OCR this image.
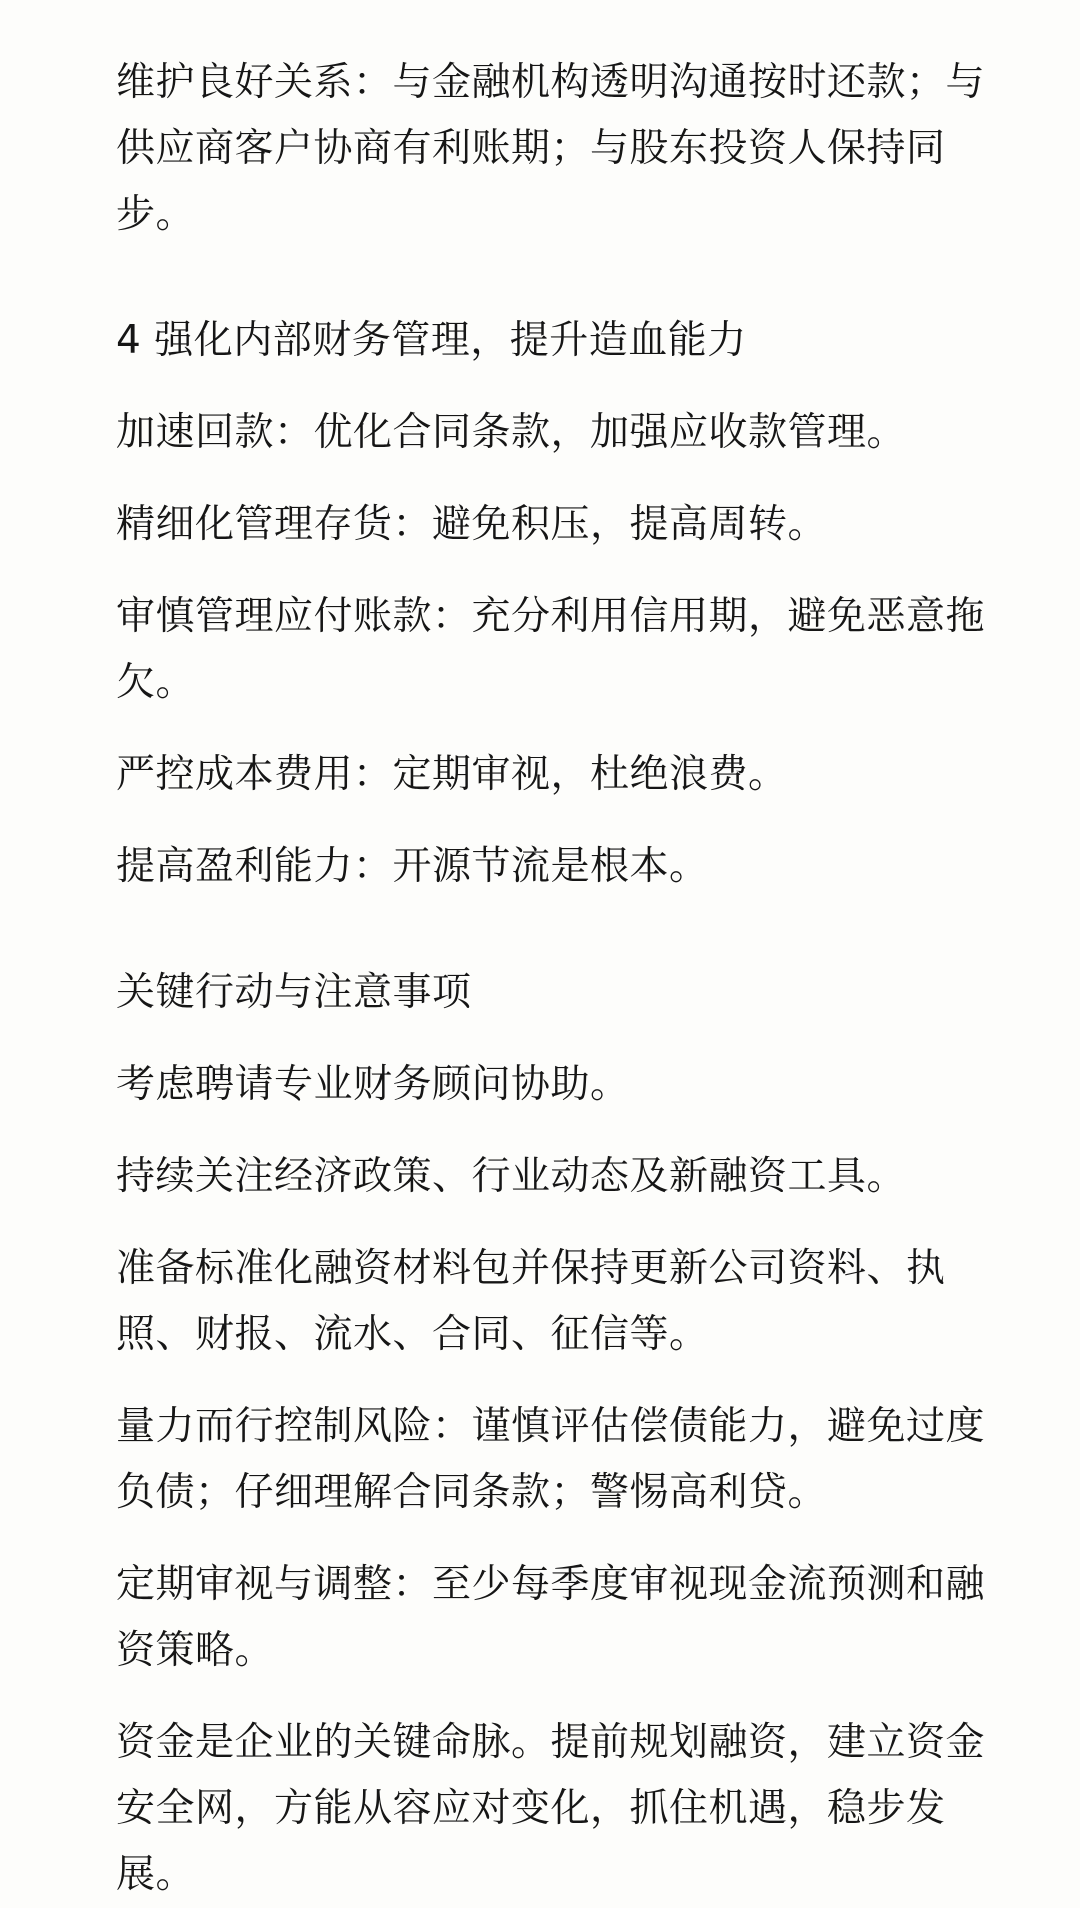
维护良好关系：与金融机构透明沟通按时还款；与供应商客户协商有利账期；与股东投资人保持同步。

4 强化内部财务管理，提升造血能力

加速回款：优化合同条款，加强应收款管理。

精细化管理存货：避免积压，提高周转。

审慎管理应付账款：充分利用信用期，避免恶意拖欠。

严控成本费用：定期审视，杜绝浪费。

提高盈利能力：开源节流是根本。

关键行动与注意事项

考虑聘请专业财务顾问协助。

持续关注经济政策、行业动态及新融资工具。

准备标准化融资材料包并保持更新公司资料、执照、财报、流水、合同、征信等。

量力而行控制风险：谨慎评估偿债能力，避免过度负债；仔细理解合同条款；警惕高利贷。

定期审视与调整：至少每季度审视现金流预测和融资策略。

资金是企业的关键命脉。提前规划融资，建立资金安全网，方能从容应对变化，抓住机遇，稳步发展。
